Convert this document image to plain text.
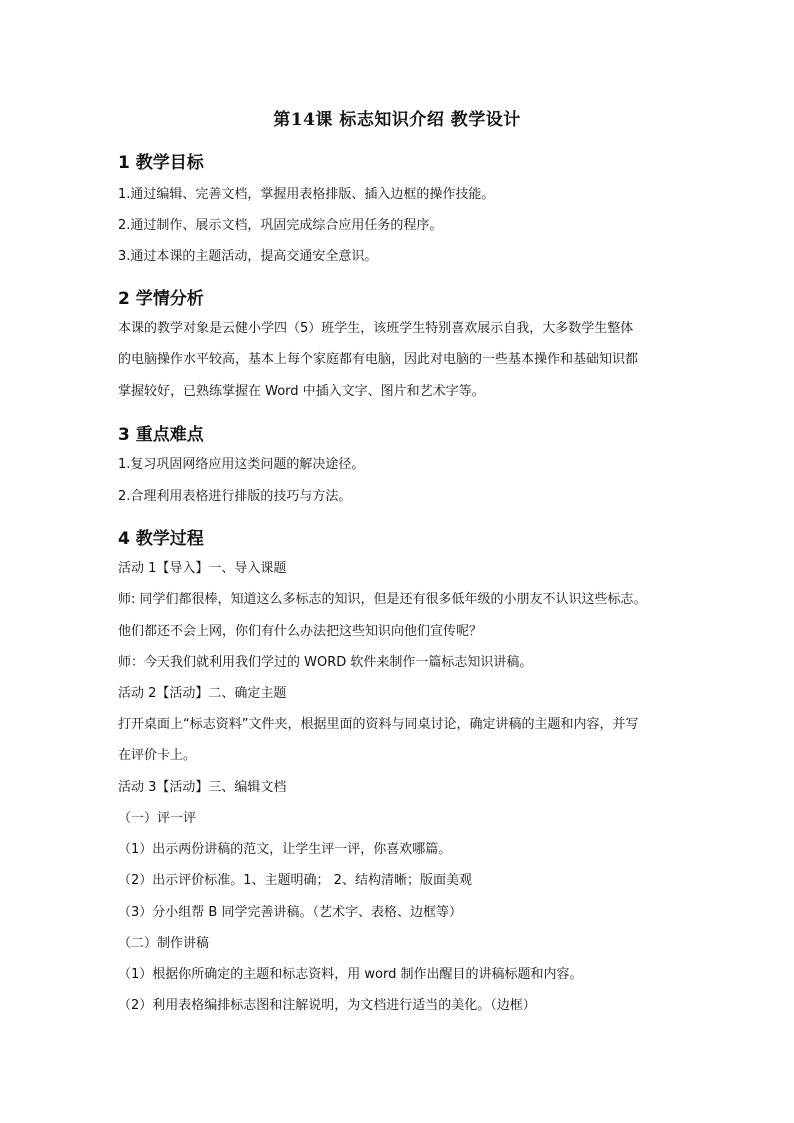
第14课 标志知识介绍 教学设计
1 教学目标
1.通过编辑、完善文档，掌握用表格排版、插入边框的操作技能。
2.通过制作、展示文档，巩固完成综合应用任务的程序。
3.通过本课的主题活动，提高交通安全意识。
2 学情分析
本课的教学对象是云健小学四（5）班学生，该班学生特别喜欢展示自我，大多数学生整体
的电脑操作水平较高，基本上每个家庭都有电脑，因此对电脑的一些基本操作和基础知识都
掌握较好，已熟练掌握在 Word 中插入文字、图片和艺术字等。
3 重点难点
1.复习巩固网络应用这类问题的解决途径。
2.合理利用表格进行排版的技巧与方法。
4 教学过程
活动 1【导入】一、导入课题
师: 同学们都很棒，知道这么多标志的知识，但是还有很多低年级的小朋友不认识这些标志。
他们都还不会上网，你们有什么办法把这些知识向他们宣传呢？
师：今天我们就利用我们学过的 WORD 软件来制作一篇标志知识讲稿。
活动 2【活动】二、确定主题
打开桌面上“标志资料”文件夹，根据里面的资料与同桌讨论，确定讲稿的主题和内容，并写
在评价卡上。
活动 3【活动】三、编辑文档
（一）评一评
（1）出示两份讲稿的范文，让学生评一评，你喜欢哪篇。
（2）出示评价标准。1、主题明确； 2、结构清晰；版面美观
（3）分小组帮 B 同学完善讲稿。（艺术字、表格、边框等）
（二）制作讲稿
（1）根据你所确定的主题和标志资料，用 word 制作出醒目的讲稿标题和内容。
（2）利用表格编排标志图和注解说明，为文档进行适当的美化。（边框）
